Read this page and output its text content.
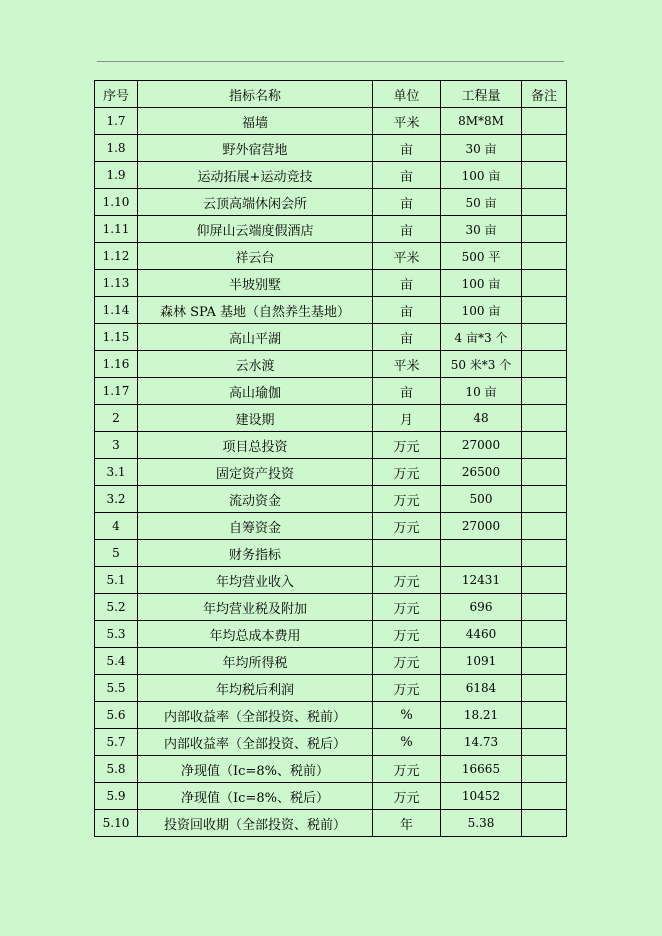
序号	指标名称	单位	工程量	备注
1.7	福墙	平米	8M*8M	
1.8	野外宿营地	亩	30 亩	
1.9	运动拓展+运动竞技	亩	100 亩	
1.10	云顶高端休闲会所	亩	50 亩	
1.11	仰屏山云端度假酒店	亩	30 亩	
1.12	祥云台	平米	500 平	
1.13	半坡别墅	亩	100 亩	
1.14	森林 SPA 基地（自然养生基地）	亩	100 亩	
1.15	高山平湖	亩	4 亩*3 个	
1.16	云水渡	平米	50 米*3 个	
1.17	高山瑜伽	亩	10 亩	
2	建设期	月	48	
3	项目总投资	万元	27000	
3.1	固定资产投资	万元	26500	
3.2	流动资金	万元	500	
4	自筹资金	万元	27000	
5	财务指标			
5.1	年均营业收入	万元	12431	
5.2	年均营业税及附加	万元	696	
5.3	年均总成本费用	万元	4460	
5.4	年均所得税	万元	1091	
5.5	年均税后利润	万元	6184	
5.6	内部收益率（全部投资、税前）	%	18.21	
5.7	内部收益率（全部投资、税后）	%	14.73	
5.8	净现值（Ic=8%、税前）	万元	16665	
5.9	净现值（Ic=8%、税后）	万元	10452	
5.10	投资回收期（全部投资、税前）	年	5.38	
